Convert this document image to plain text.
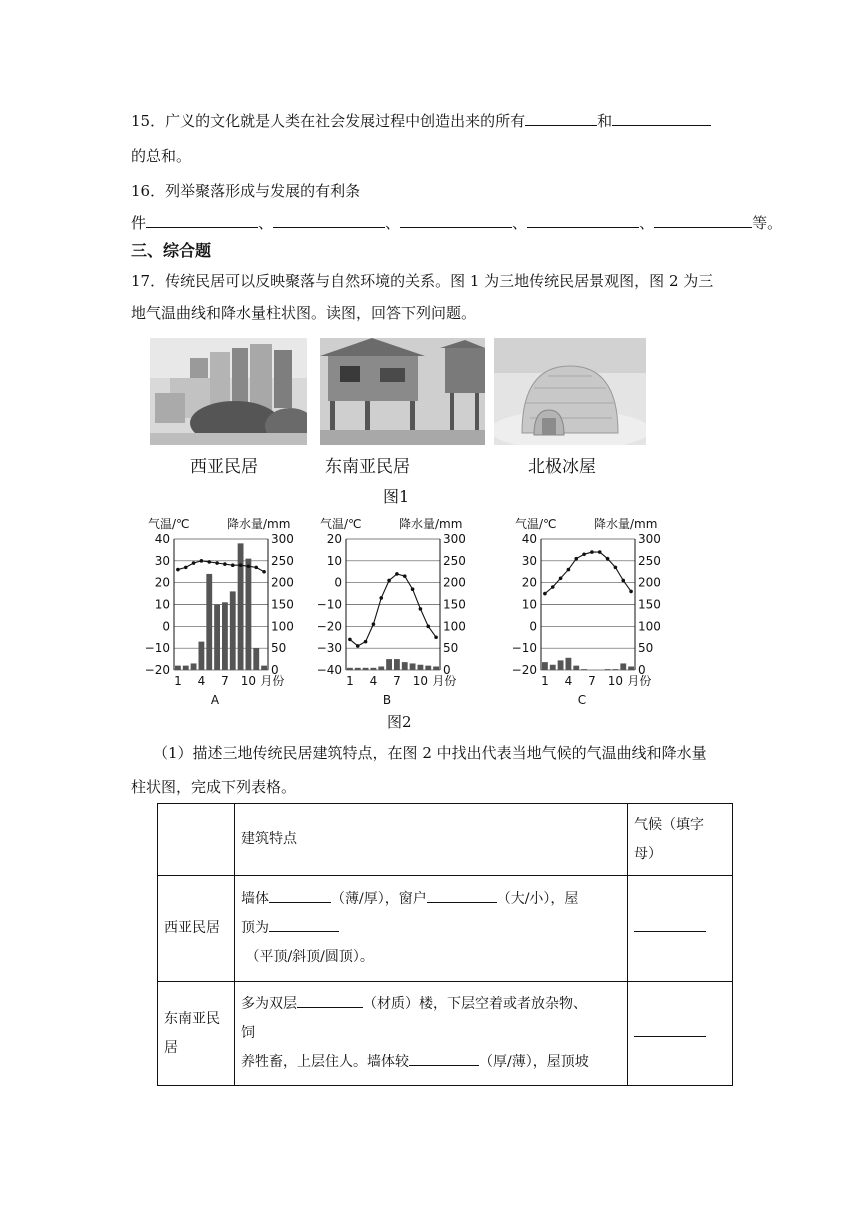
15．广义的文化就是人类在社会发展过程中创造出来的所有	和
的总和。
16．列举聚落形成与发展的有利条
件	、	、	、	、	等。
三、综合题
17．传统民居可以反映聚落与自然环境的关系。图 1 为三地传统民居景观图，图 2 为三
地气温曲线和降水量柱状图。读图，回答下列问题。
西亚民居	东南亚民居	北极冰屋
图1
气温/℃	降水量/mm
40	300
30	250
20	200
10	150
0	100
−10	50
−20	0
1 4 7 10 月份
A
气温/℃	降水量/mm
20	300
10	250
0	200
−10	150
−20	100
−30	50
−40	0
1 4 7 10 月份
B
气温/℃	降水量/mm
40	300
30	250
20	200
10	150
0	100
−10	50
−20	0
1 4 7 10 月份
C
图2
（1）描述三地传统民居建筑特点，在图 2 中找出代表当地气候的气温曲线和降水量
柱状图，完成下列表格。
	建筑特点	气候（填字
母）
西亚民居	墙体 （薄/厚），窗户 （大/小），屋
顶为
（平顶/斜顶/圆顶）。	
东南亚民
居	多为双层 （材质）楼，下层空着或者放杂物、
饲
养牲畜，上层住人。墙体较 （厚/薄），屋顶坡	
